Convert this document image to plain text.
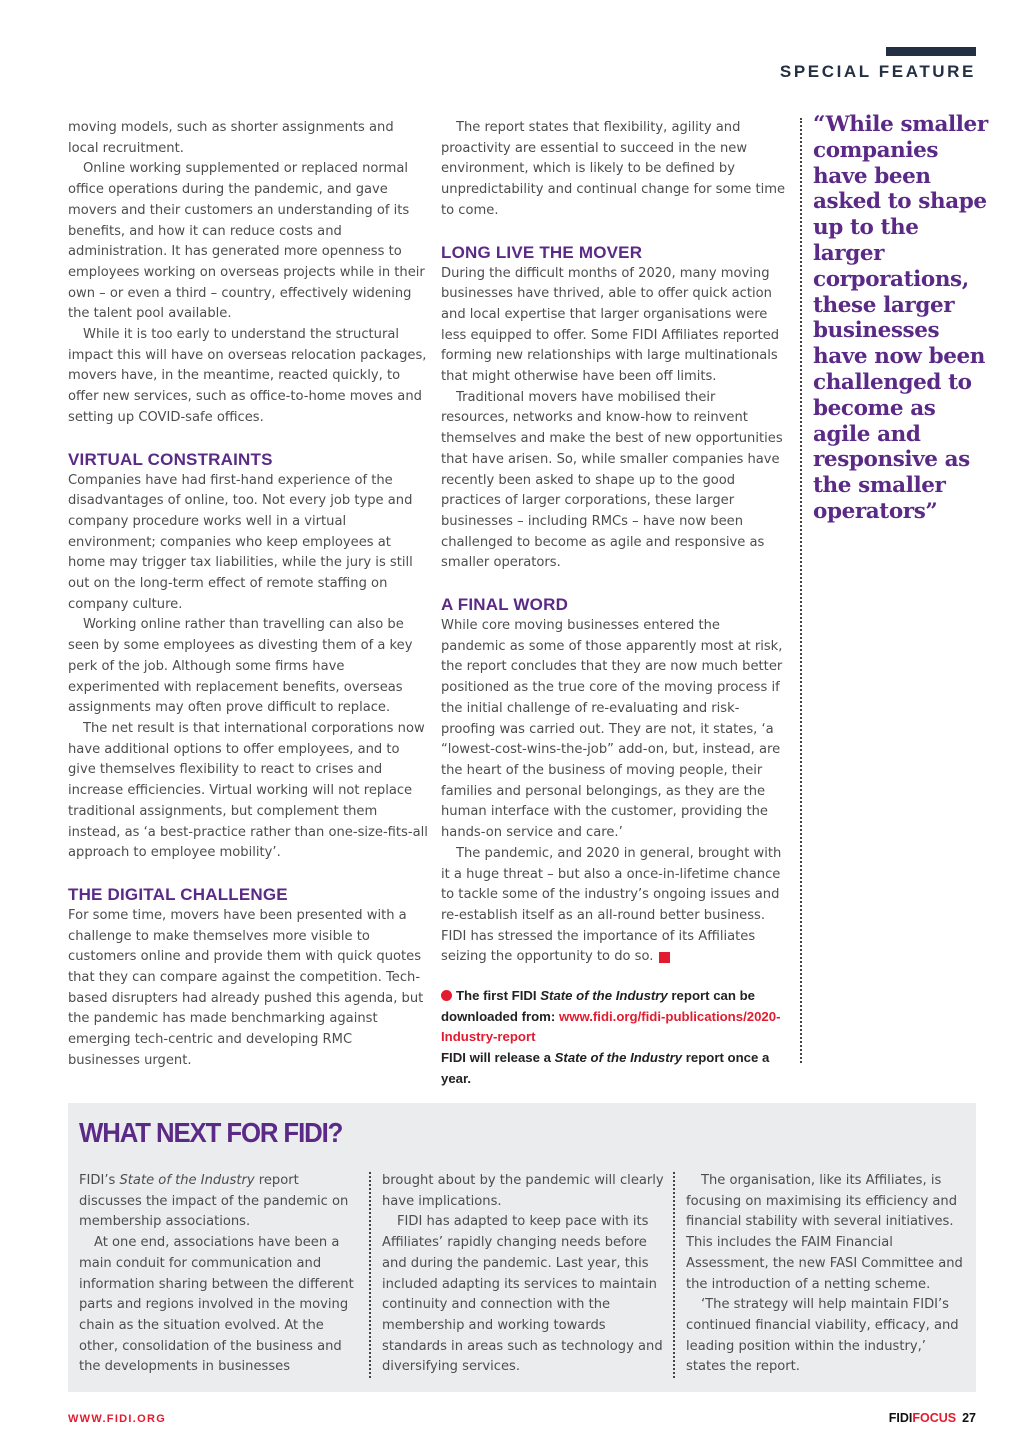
SPECIAL FEATURE

moving models, such as shorter assignments and local recruitment.

Online working supplemented or replaced normal office operations during the pandemic, and gave movers and their customers an understanding of its benefits, and how it can reduce costs and administration. It has generated more openness to employees working on overseas projects while in their own – or even a third – country, effectively widening the talent pool available.

While it is too early to understand the structural impact this will have on overseas relocation packages, movers have, in the meantime, reacted quickly, to offer new services, such as office-to-home moves and setting up COVID-safe offices.

VIRTUAL CONSTRAINTS

Companies have had first-hand experience of the disadvantages of online, too. Not every job type and company procedure works well in a virtual environment; companies who keep employees at home may trigger tax liabilities, while the jury is still out on the long-term effect of remote staffing on company culture.

Working online rather than travelling can also be seen by some employees as divesting them of a key perk of the job. Although some firms have experimented with replacement benefits, overseas assignments may often prove difficult to replace.

The net result is that international corporations now have additional options to offer employees, and to give themselves flexibility to react to crises and increase efficiencies. Virtual working will not replace traditional assignments, but complement them instead, as ‘a best-practice rather than one-size-fits-all approach to employee mobility’.

THE DIGITAL CHALLENGE

For some time, movers have been presented with a challenge to make themselves more visible to customers online and provide them with quick quotes that they can compare against the competition. Tech-based disrupters had already pushed this agenda, but the pandemic has made benchmarking against emerging tech-centric and developing RMC businesses urgent.

The report states that flexibility, agility and proactivity are essential to succeed in the new environment, which is likely to be defined by unpredictability and continual change for some time to come.

LONG LIVE THE MOVER

During the difficult months of 2020, many moving businesses have thrived, able to offer quick action and local expertise that larger organisations were less equipped to offer. Some FIDI Affiliates reported forming new relationships with large multinationals that might otherwise have been off limits.

Traditional movers have mobilised their resources, networks and know-how to reinvent themselves and make the best of new opportunities that have arisen. So, while smaller companies have recently been asked to shape up to the good practices of larger corporations, these larger businesses – including RMCs – have now been challenged to become as agile and responsive as smaller operators.

A FINAL WORD

While core moving businesses entered the pandemic as some of those apparently most at risk, the report concludes that they are now much better positioned as the true core of the moving process if the initial challenge of re-evaluating and risk-proofing was carried out. They are not, it states, ‘a “lowest-cost-wins-the-job” add-on, but, instead, are the heart of the business of moving people, their families and personal belongings, as they are the human interface with the customer, providing the hands-on service and care.’

The pandemic, and 2020 in general, brought with it a huge threat – but also a once-in-lifetime chance to tackle some of the industry’s ongoing issues and re-establish itself as an all-round better business. FIDI has stressed the importance of its Affiliates seizing the opportunity to do so.	FF

The first FIDI State of the Industry report can be downloaded from: www.fidi.org/fidi-publications/2020-Industry-report
FIDI will release a State of the Industry report once a year.
“While smaller companies have been asked to shape up to the larger corporations, these larger businesses have now been challenged to become as agile and responsive as the smaller operators”
WHAT NEXT FOR FIDI?

FIDI’s State of the Industry report discusses the impact of the pandemic on membership associations.

At one end, associations have been a main conduit for communication and information sharing between the different parts and regions involved in the moving chain as the situation evolved. At the other, consolidation of the business and the developments in businesses

brought about by the pandemic will clearly have implications.

FIDI has adapted to keep pace with its Affiliates’ rapidly changing needs before and during the pandemic. Last year, this included adapting its services to maintain continuity and connection with the membership and working towards standards in areas such as technology and diversifying services.

The organisation, like its Affiliates, is focusing on maximising its efficiency and financial stability with several initiatives. This includes the FAIM Financial Assessment, the new FASI Committee and the introduction of a netting scheme.

‘The strategy will help maintain FIDI’s continued financial viability, efficacy, and leading position within the industry,’ states the report.

WWW.FIDI.ORG	FIDIFOCUS 27
